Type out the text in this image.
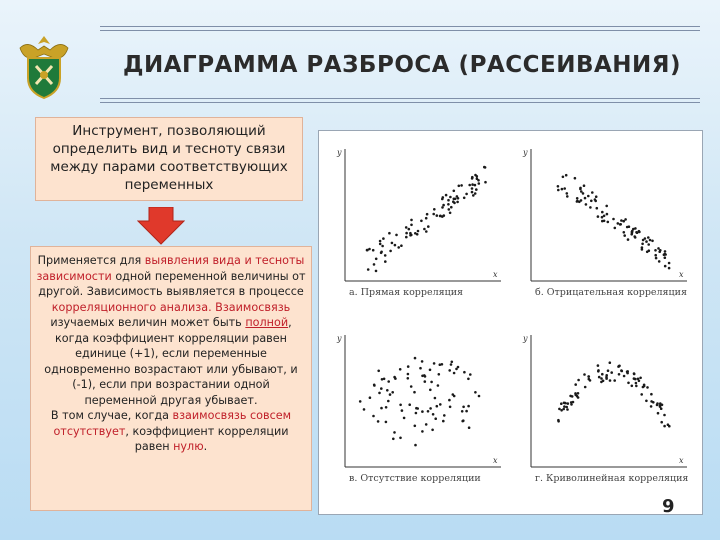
ДИАГРАММА РАЗБРОСА (РАССЕИВАНИЯ)
Инструмент, позволяющий
определить вид и тесноту связи
между парами соответствующих
переменных
Применяется для выявления вида и тесноты зависимости одной переменной величины от другой. Зависимость выявляется в процессе корреляционного анализа. Взаимосвязь изучаемых величин может быть полной, когда коэффициент корреляции равен единице (+1), если переменные одновременно возрастают или убывают, и (-1), если при возрастании одной переменной другая убывает.
В том случае, когда взаимосвязь совсем отсутствует, коэффициент корреляции равен нулю.
y
x
а. Прямая корреляция
y
x
б. Отрицательная корреляция
y
x
в. Отсутствие корреляции
y
x
г. Криволинейная корреляция
9
